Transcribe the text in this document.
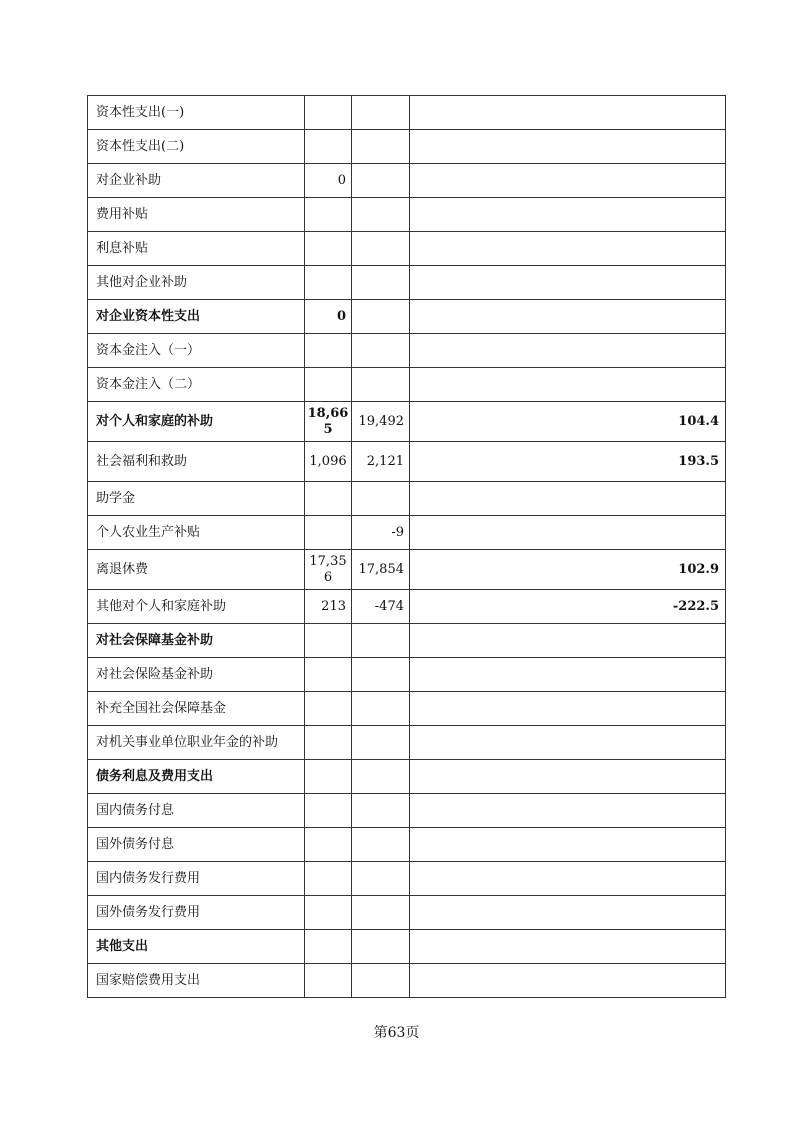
资本性支出(一)			
资本性支出(二)			
对企业补助	0		
费用补贴			
利息补贴			
其他对企业补助			
对企业资本性支出	0		
资本金注入（一）			
资本金注入（二）			
对个人和家庭的补助	18,665	19,492	104.4
社会福利和救助	1,096	2,121	193.5
助学金			
个人农业生产补贴		-9	
离退休费	17,356	17,854	102.9
其他对个人和家庭补助	213	-474	-222.5
对社会保障基金补助			
对社会保险基金补助			
补充全国社会保障基金			
对机关事业单位职业年金的补助			
债务利息及费用支出			
国内债务付息			
国外债务付息			
国内债务发行费用			
国外债务发行费用			
其他支出			
国家赔偿费用支出			
第63页
